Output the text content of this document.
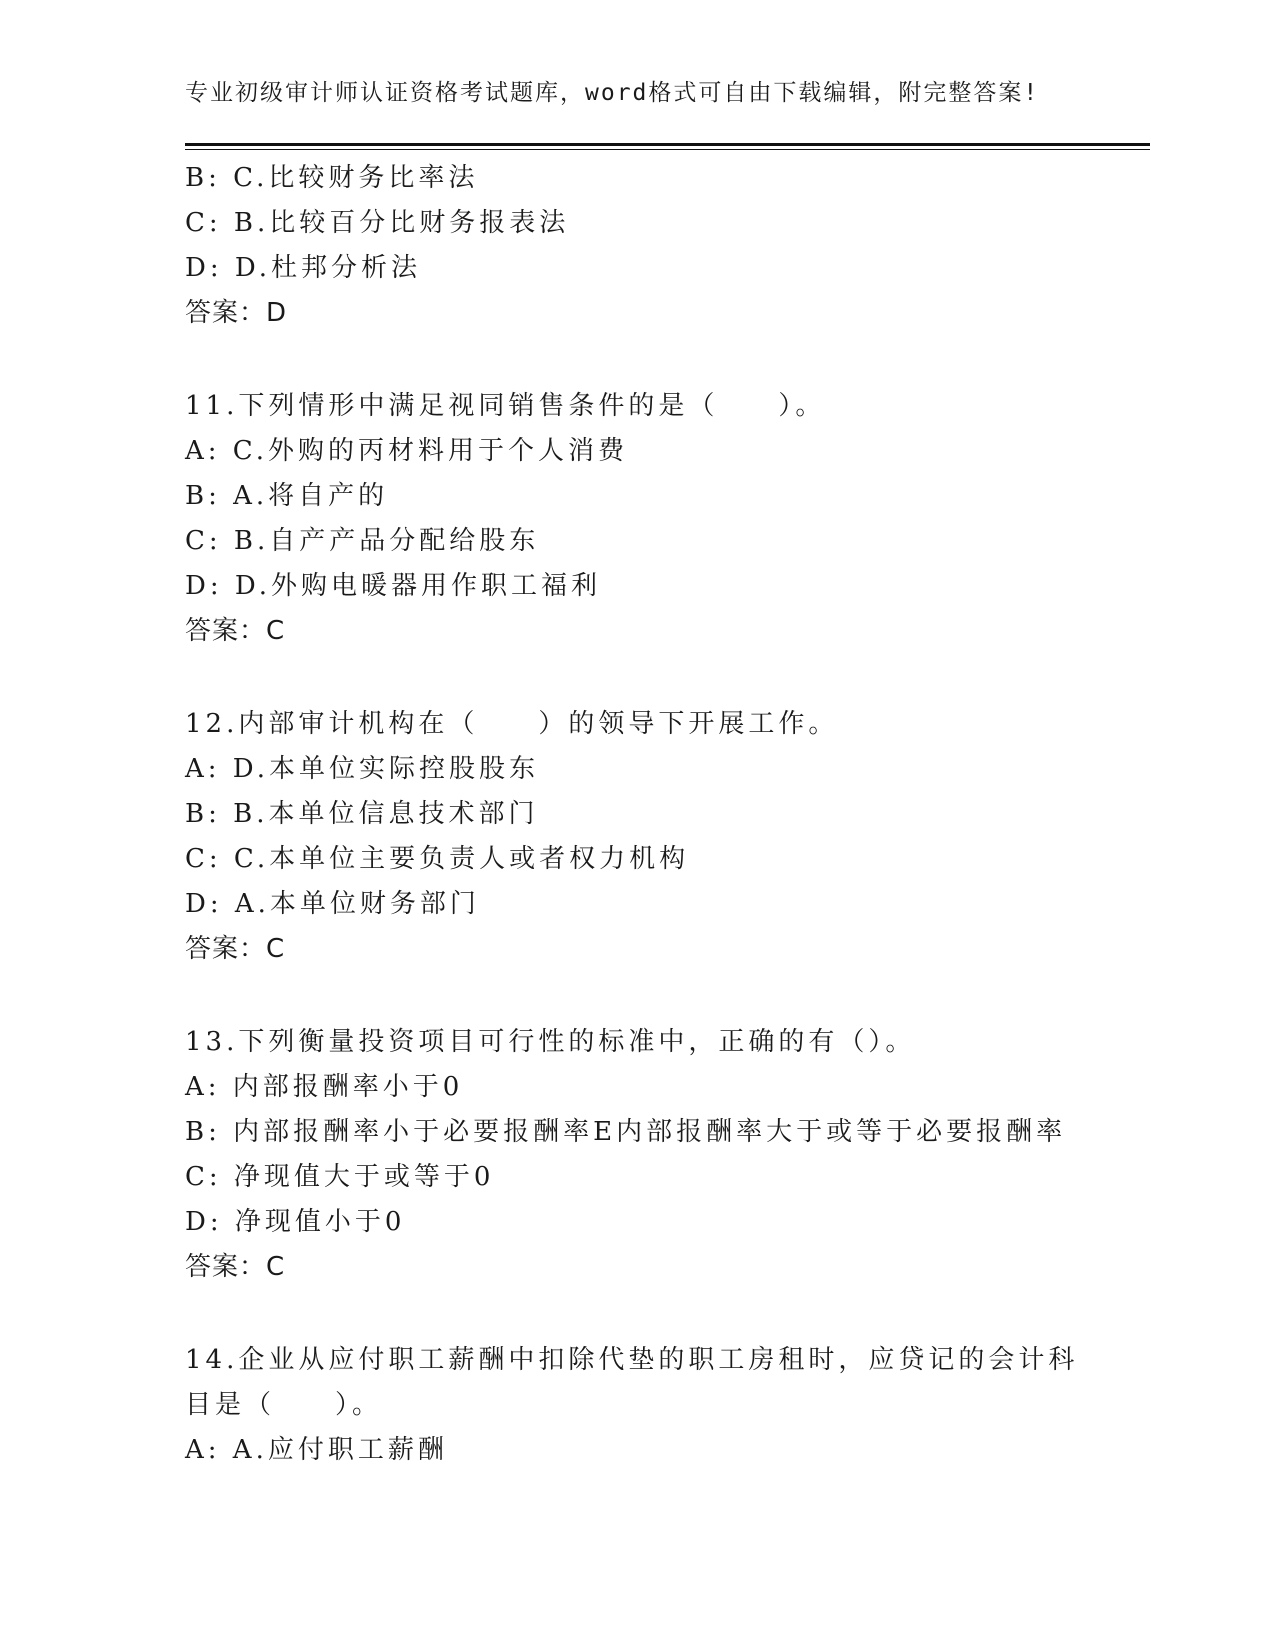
专业初级审计师认证资格考试题库，word格式可自由下载编辑，附完整答案!
B: C.比较财务比率法
C: B.比较百分比财务报表法
D: D.杜邦分析法
答案：D
11.下列情形中满足视同销售条件的是（　　）。
A: C.外购的丙材料用于个人消费
B: A.将自产的
C: B.自产产品分配给股东
D: D.外购电暖器用作职工福利
答案：C
12.内部审计机构在（　　）的领导下开展工作。
A: D.本单位实际控股股东
B: B.本单位信息技术部门
C: C.本单位主要负责人或者权力机构
D: A.本单位财务部门
答案：C
13.下列衡量投资项目可行性的标准中，正确的有（）。
A: 内部报酬率小于0
B: 内部报酬率小于必要报酬率E内部报酬率大于或等于必要报酬率
C: 净现值大于或等于0
D: 净现值小于0
答案：C
14.企业从应付职工薪酬中扣除代垫的职工房租时，应贷记的会计科目是（　　）。
A: A.应付职工薪酬
